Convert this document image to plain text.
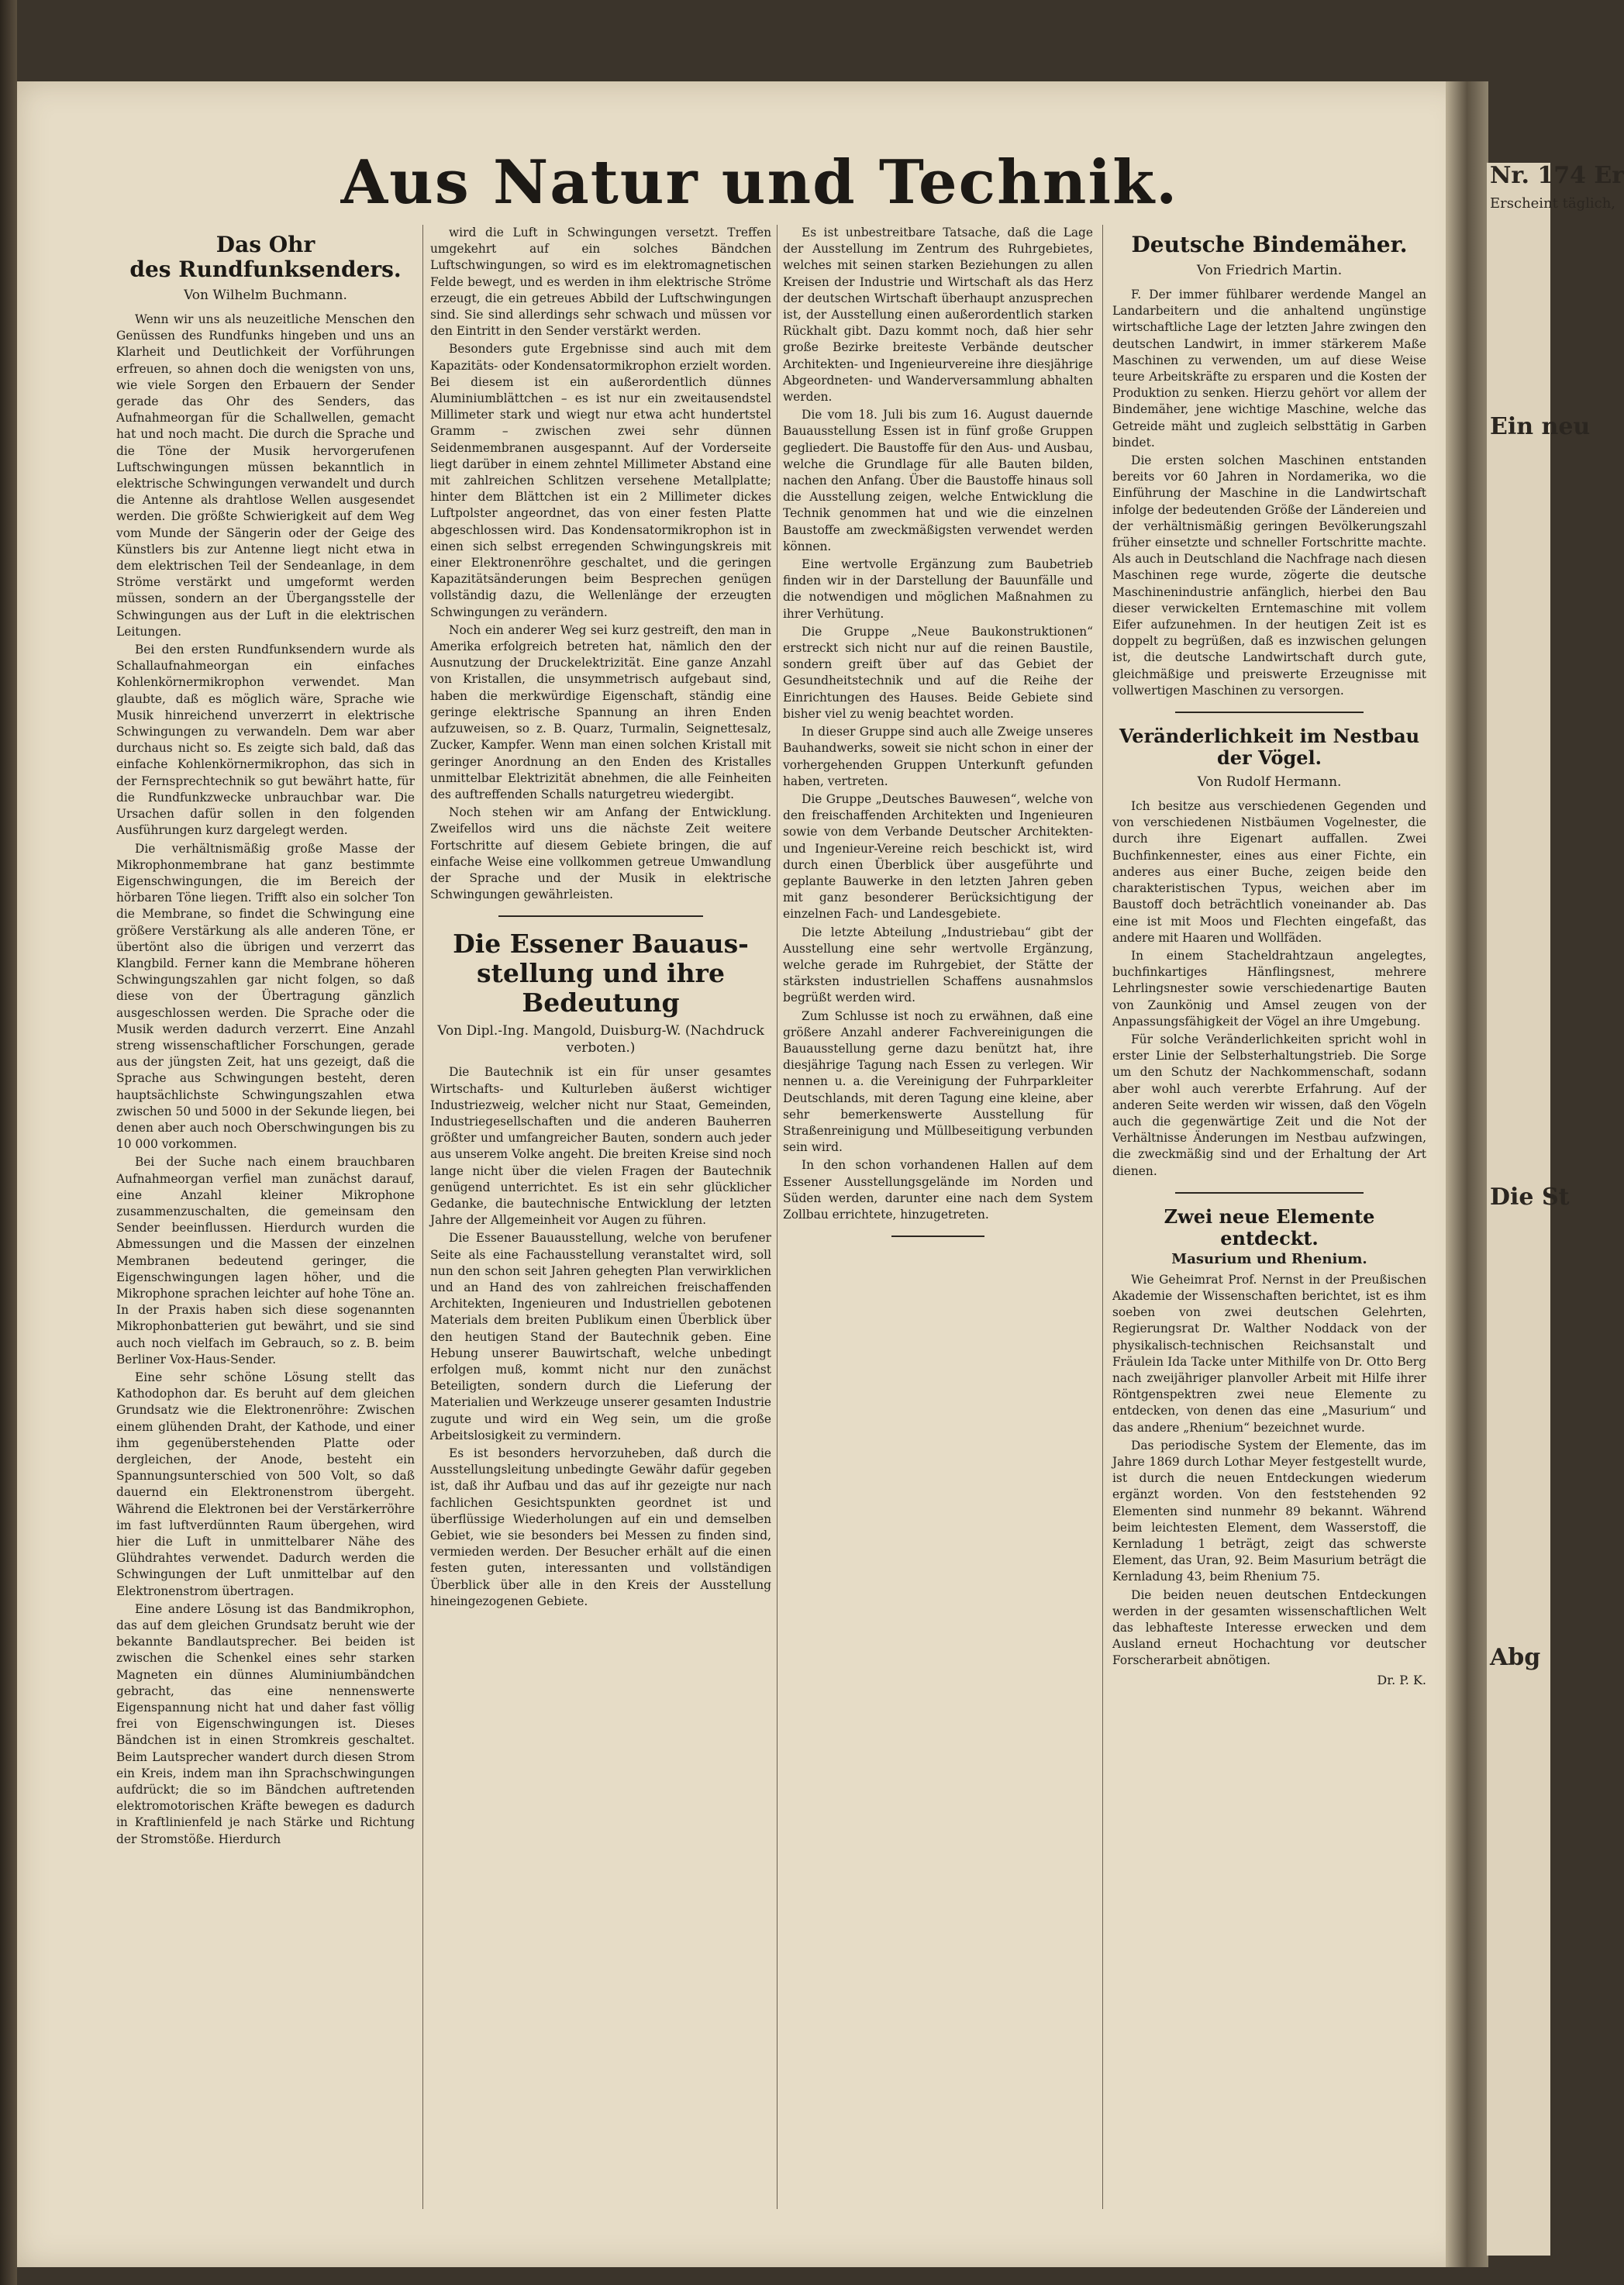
Nr. 174 Er
Erscheint täglich,
Ein neu
Die St
Abg
Aus Natur und Technik.
Das Ohr
des Rundfunksenders.
Von Wilhelm Buchmann.

Wenn wir uns als neuzeitliche Menschen den Genüssen des Rundfunks hingeben und uns an Klarheit und Deutlichkeit der Vorführungen erfreuen, so ahnen doch die wenigsten von uns, wie viele Sorgen den Erbauern der Sender gerade das Ohr des Senders, das Aufnahmeorgan für die Schallwellen, gemacht hat und noch macht. Die durch die Sprache und die Töne der Musik hervorgerufenen Luftschwingungen müssen bekanntlich in elektrische Schwingungen verwandelt und durch die Antenne als drahtlose Wellen ausgesendet werden. Die größte Schwierigkeit auf dem Weg vom Munde der Sängerin oder der Geige des Künstlers bis zur Antenne liegt nicht etwa in dem elektrischen Teil der Sendeanlage, in dem Ströme verstärkt und umgeformt werden müssen, sondern an der Übergangsstelle der Schwingungen aus der Luft in die elektrischen Leitungen.

Bei den ersten Rundfunksendern wurde als Schallaufnahmeorgan ein einfaches Kohlenkörnermikrophon verwendet. Man glaubte, daß es möglich wäre, Sprache wie Musik hinreichend unverzerrt in elektrische Schwingungen zu verwandeln. Dem war aber durchaus nicht so. Es zeigte sich bald, daß das einfache Kohlenkörnermikrophon, das sich in der Fernsprechtechnik so gut bewährt hatte, für die Rundfunkzwecke unbrauchbar war. Die Ursachen dafür sollen in den folgenden Ausführungen kurz dargelegt werden.

Die verhältnismäßig große Masse der Mikrophonmembrane hat ganz bestimmte Eigenschwingungen, die im Bereich der hörbaren Töne liegen. Trifft also ein solcher Ton die Membrane, so findet die Schwingung eine größere Verstärkung als alle anderen Töne, er übertönt also die übrigen und verzerrt das Klangbild. Ferner kann die Membrane höheren Schwingungszahlen gar nicht folgen, so daß diese von der Übertragung gänzlich ausgeschlossen werden. Die Sprache oder die Musik werden dadurch verzerrt. Eine Anzahl streng wissenschaftlicher Forschungen, gerade aus der jüngsten Zeit, hat uns gezeigt, daß die Sprache aus Schwingungen besteht, deren hauptsächlichste Schwingungszahlen etwa zwischen 50 und 5000 in der Sekunde liegen, bei denen aber auch noch Oberschwingungen bis zu 10 000 vorkommen.

Bei der Suche nach einem brauchbaren Aufnahmeorgan verfiel man zunächst darauf, eine Anzahl kleiner Mikrophone zusammenzuschalten, die gemeinsam den Sender beeinflussen. Hierdurch wurden die Abmessungen und die Massen der einzelnen Membranen bedeutend geringer, die Eigenschwingungen lagen höher, und die Mikrophone sprachen leichter auf hohe Töne an. In der Praxis haben sich diese sogenannten Mikrophonbatterien gut bewährt, und sie sind auch noch vielfach im Gebrauch, so z. B. beim Berliner Vox-Haus-Sender.

Eine sehr schöne Lösung stellt das Kathodophon dar. Es beruht auf dem gleichen Grundsatz wie die Elektronenröhre: Zwischen einem glühenden Draht, der Kathode, und einer ihm gegenüberstehenden Platte oder dergleichen, der Anode, besteht ein Spannungsunterschied von 500 Volt, so daß dauernd ein Elektronenstrom übergeht. Während die Elektronen bei der Verstärkerröhre im fast luftverdünnten Raum übergehen, wird hier die Luft in unmittelbarer Nähe des Glühdrahtes verwendet. Dadurch werden die Schwingungen der Luft unmittelbar auf den Elektronenstrom übertragen.

Eine andere Lösung ist das Bandmikrophon, das auf dem gleichen Grundsatz beruht wie der bekannte Bandlautsprecher. Bei beiden ist zwischen die Schenkel eines sehr starken Magneten ein dünnes Aluminiumbändchen gebracht, das eine nennenswerte Eigenspannung nicht hat und daher fast völlig frei von Eigenschwingungen ist. Dieses Bändchen ist in einen Stromkreis geschaltet. Beim Lautsprecher wandert durch diesen Strom ein Kreis, indem man ihn Sprachschwingungen aufdrückt; die so im Bändchen auftretenden elektromotorischen Kräfte bewegen es dadurch in Kraftlinienfeld je nach Stärke und Richtung der Stromstöße. Hierdurch

wird die Luft in Schwingungen versetzt. Treffen umgekehrt auf ein solches Bändchen Luftschwingungen, so wird es im elektromagnetischen Felde bewegt, und es werden in ihm elektrische Ströme erzeugt, die ein getreues Abbild der Luftschwingungen sind. Sie sind allerdings sehr schwach und müssen vor den Eintritt in den Sender verstärkt werden.

Besonders gute Ergebnisse sind auch mit dem Kapazitäts- oder Kondensatormikrophon erzielt worden. Bei diesem ist ein außerordentlich dünnes Aluminiumblättchen – es ist nur ein zweitausendstel Millimeter stark und wiegt nur etwa acht hundertstel Gramm – zwischen zwei sehr dünnen Seidenmembranen ausgespannt. Auf der Vorderseite liegt darüber in einem zehntel Millimeter Abstand eine mit zahlreichen Schlitzen versehene Metallplatte; hinter dem Blättchen ist ein 2 Millimeter dickes Luftpolster angeordnet, das von einer festen Platte abgeschlossen wird. Das Kondensatormikrophon ist in einen sich selbst erregenden Schwingungskreis mit einer Elektronenröhre geschaltet, und die geringen Kapazitätsänderungen beim Besprechen genügen vollständig dazu, die Wellenlänge der erzeugten Schwingungen zu verändern.

Noch ein anderer Weg sei kurz gestreift, den man in Amerika erfolgreich betreten hat, nämlich den der Ausnutzung der Druckelektrizität. Eine ganze Anzahl von Kristallen, die unsymmetrisch aufgebaut sind, haben die merkwürdige Eigenschaft, ständig eine geringe elektrische Spannung an ihren Enden aufzuweisen, so z. B. Quarz, Turmalin, Seignettesalz, Zucker, Kampfer. Wenn man einen solchen Kristall mit geringer Anordnung an den Enden des Kristalles unmittelbar Elektrizität abnehmen, die alle Feinheiten des auftreffenden Schalls naturgetreu wiedergibt.

Noch stehen wir am Anfang der Entwicklung. Zweifellos wird uns die nächste Zeit weitere Fortschritte auf diesem Gebiete bringen, die auf einfache Weise eine vollkommen getreue Umwandlung der Sprache und der Musik in elektrische Schwingungen gewährleisten.

Die Essener Bauaus-
stellung und ihre Bedeutung
Von Dipl.-Ing. Mangold, Duisburg-W. (Nachdruck verboten.)

Die Bautechnik ist ein für unser gesamtes Wirtschafts- und Kulturleben äußerst wichtiger Industriezweig, welcher nicht nur Staat, Gemeinden, Industriegesellschaften und die anderen Bauherren größter und umfangreicher Bauten, sondern auch jeder aus unserem Volke angeht. Die breiten Kreise sind noch lange nicht über die vielen Fragen der Bautechnik genügend unterrichtet. Es ist ein sehr glücklicher Gedanke, die bautechnische Entwicklung der letzten Jahre der Allgemeinheit vor Augen zu führen.

Die Essener Bauausstellung, welche von berufener Seite als eine Fachausstellung veranstaltet wird, soll nun den schon seit Jahren gehegten Plan verwirklichen und an Hand des von zahlreichen freischaffenden Architekten, Ingenieuren und Industriellen gebotenen Materials dem breiten Publikum einen Überblick über den heutigen Stand der Bautechnik geben. Eine Hebung unserer Bauwirtschaft, welche unbedingt erfolgen muß, kommt nicht nur den zunächst Beteiligten, sondern durch die Lieferung der Materialien und Werkzeuge unserer gesamten Industrie zugute und wird ein Weg sein, um die große Arbeitslosigkeit zu vermindern.

Es ist besonders hervorzuheben, daß durch die Ausstellungsleitung unbedingte Gewähr dafür gegeben ist, daß ihr Aufbau und das auf ihr gezeigte nur nach fachlichen Gesichtspunkten geordnet ist und überflüssige Wiederholungen auf ein und demselben Gebiet, wie sie besonders bei Messen zu finden sind, vermieden werden. Der Besucher erhält auf die einen festen guten, interessanten und vollständigen Überblick über alle in den Kreis der Ausstellung hineingezogenen Gebiete.

Es ist unbestreitbare Tatsache, daß die Lage der Ausstellung im Zentrum des Ruhrgebietes, welches mit seinen starken Beziehungen zu allen Kreisen der Industrie und Wirtschaft als das Herz der deutschen Wirtschaft überhaupt anzusprechen ist, der Ausstellung einen außerordentlich starken Rückhalt gibt. Dazu kommt noch, daß hier sehr große Bezirke breiteste Verbände deutscher Architekten- und Ingenieurvereine ihre diesjährige Abgeordneten- und Wanderversammlung abhalten werden.

Die vom 18. Juli bis zum 16. August dauernde Bauausstellung Essen ist in fünf große Gruppen gegliedert. Die Baustoffe für den Aus- und Ausbau, welche die Grundlage für alle Bauten bilden, nachen den Anfang. Über die Baustoffe hinaus soll die Ausstellung zeigen, welche Entwicklung die Technik genommen hat und wie die einzelnen Baustoffe am zweckmäßigsten verwendet werden können.

Eine wertvolle Ergänzung zum Baubetrieb finden wir in der Darstellung der Bauunfälle und die notwendigen und möglichen Maßnahmen zu ihrer Verhütung.

Die Gruppe „Neue Baukonstruktionen“ erstreckt sich nicht nur auf die reinen Baustile, sondern greift über auf das Gebiet der Gesundheitstechnik und auf die Reihe der Einrichtungen des Hauses. Beide Gebiete sind bisher viel zu wenig beachtet worden.

In dieser Gruppe sind auch alle Zweige unseres Bauhandwerks, soweit sie nicht schon in einer der vorhergehenden Gruppen Unterkunft gefunden haben, vertreten.

Die Gruppe „Deutsches Bauwesen“, welche von den freischaffenden Architekten und Ingenieuren sowie von dem Verbande Deutscher Architekten- und Ingenieur-Vereine reich beschickt ist, wird durch einen Überblick über ausgeführte und geplante Bauwerke in den letzten Jahren geben mit ganz besonderer Berücksichtigung der einzelnen Fach- und Landesgebiete.

Die letzte Abteilung „Industriebau“ gibt der Ausstellung eine sehr wertvolle Ergänzung, welche gerade im Ruhrgebiet, der Stätte der stärksten industriellen Schaffens ausnahmslos begrüßt werden wird.

Zum Schlusse ist noch zu erwähnen, daß eine größere Anzahl anderer Fachvereinigungen die Bauausstellung gerne dazu benützt hat, ihre diesjährige Tagung nach Essen zu verlegen. Wir nennen u. a. die Vereinigung der Fuhrparkleiter Deutschlands, mit deren Tagung eine kleine, aber sehr bemerkenswerte Ausstellung für Straßenreinigung und Müllbeseitigung verbunden sein wird.

In den schon vorhandenen Hallen auf dem Essener Ausstellungsgelände im Norden und Süden werden, darunter eine nach dem System Zollbau errichtete, hinzugetreten.

Deutsche Bindemäher.
Von Friedrich Martin.

F. Der immer fühlbarer werdende Mangel an Landarbeitern und die anhaltend ungünstige wirtschaftliche Lage der letzten Jahre zwingen den deutschen Landwirt, in immer stärkerem Maße Maschinen zu verwenden, um auf diese Weise teure Arbeitskräfte zu ersparen und die Kosten der Produktion zu senken. Hierzu gehört vor allem der Bindemäher, jene wichtige Maschine, welche das Getreide mäht und zugleich selbsttätig in Garben bindet.

Die ersten solchen Maschinen entstanden bereits vor 60 Jahren in Nordamerika, wo die Einführung der Maschine in die Landwirtschaft infolge der bedeutenden Größe der Ländereien und der verhältnismäßig geringen Bevölkerungszahl früher einsetzte und schneller Fortschritte machte. Als auch in Deutschland die Nachfrage nach diesen Maschinen rege wurde, zögerte die deutsche Maschinenindustrie anfänglich, hierbei den Bau dieser verwickelten Erntemaschine mit vollem Eifer aufzunehmen. In der heutigen Zeit ist es doppelt zu begrüßen, daß es inzwischen gelungen ist, die deutsche Landwirtschaft durch gute, gleichmäßige und preiswerte Erzeugnisse mit vollwertigen Maschinen zu versorgen.

Veränderlichkeit im Nestbau der Vögel.
Von Rudolf Hermann.

Ich besitze aus verschiedenen Gegenden und von verschiedenen Nistbäumen Vogelnester, die durch ihre Eigenart auffallen. Zwei Buchfinkennester, eines aus einer Fichte, ein anderes aus einer Buche, zeigen beide den charakteristischen Typus, weichen aber im Baustoff doch beträchtlich voneinander ab. Das eine ist mit Moos und Flechten eingefaßt, das andere mit Haaren und Wollfäden.

In einem Stacheldrahtzaun angelegtes, buchfinkartiges Hänflingsnest, mehrere Lehrlingsnester sowie verschiedenartige Bauten von Zaunkönig und Amsel zeugen von der Anpassungsfähigkeit der Vögel an ihre Umgebung.

Für solche Veränderlichkeiten spricht wohl in erster Linie der Selbsterhaltungstrieb. Die Sorge um den Schutz der Nachkommenschaft, sodann aber wohl auch vererbte Erfahrung. Auf der anderen Seite werden wir wissen, daß den Vögeln auch die gegenwärtige Zeit und die Not der Verhältnisse Änderungen im Nestbau aufzwingen, die zweckmäßig sind und der Erhaltung der Art dienen.

Zwei neue Elemente entdeckt.
Masurium und Rhenium.

Wie Geheimrat Prof. Nernst in der Preußischen Akademie der Wissenschaften berichtet, ist es ihm soeben von zwei deutschen Gelehrten, Regierungsrat Dr. Walther Noddack von der physikalisch-technischen Reichsanstalt und Fräulein Ida Tacke unter Mithilfe von Dr. Otto Berg nach zweijähriger planvoller Arbeit mit Hilfe ihrer Röntgenspektren zwei neue Elemente zu entdecken, von denen das eine „Masurium“ und das andere „Rhenium“ bezeichnet wurde.

Das periodische System der Elemente, das im Jahre 1869 durch Lothar Meyer festgestellt wurde, ist durch die neuen Entdeckungen wiederum ergänzt worden. Von den feststehenden 92 Elementen sind nunmehr 89 bekannt. Während beim leichtesten Element, dem Wasserstoff, die Kernladung 1 beträgt, zeigt das schwerste Element, das Uran, 92. Beim Masurium beträgt die Kernladung 43, beim Rhenium 75.

Die beiden neuen deutschen Entdeckungen werden in der gesamten wissenschaftlichen Welt das lebhafteste Interesse erwecken und dem Ausland erneut Hochachtung vor deutscher Forscherarbeit abnötigen.

Dr. P. K.
